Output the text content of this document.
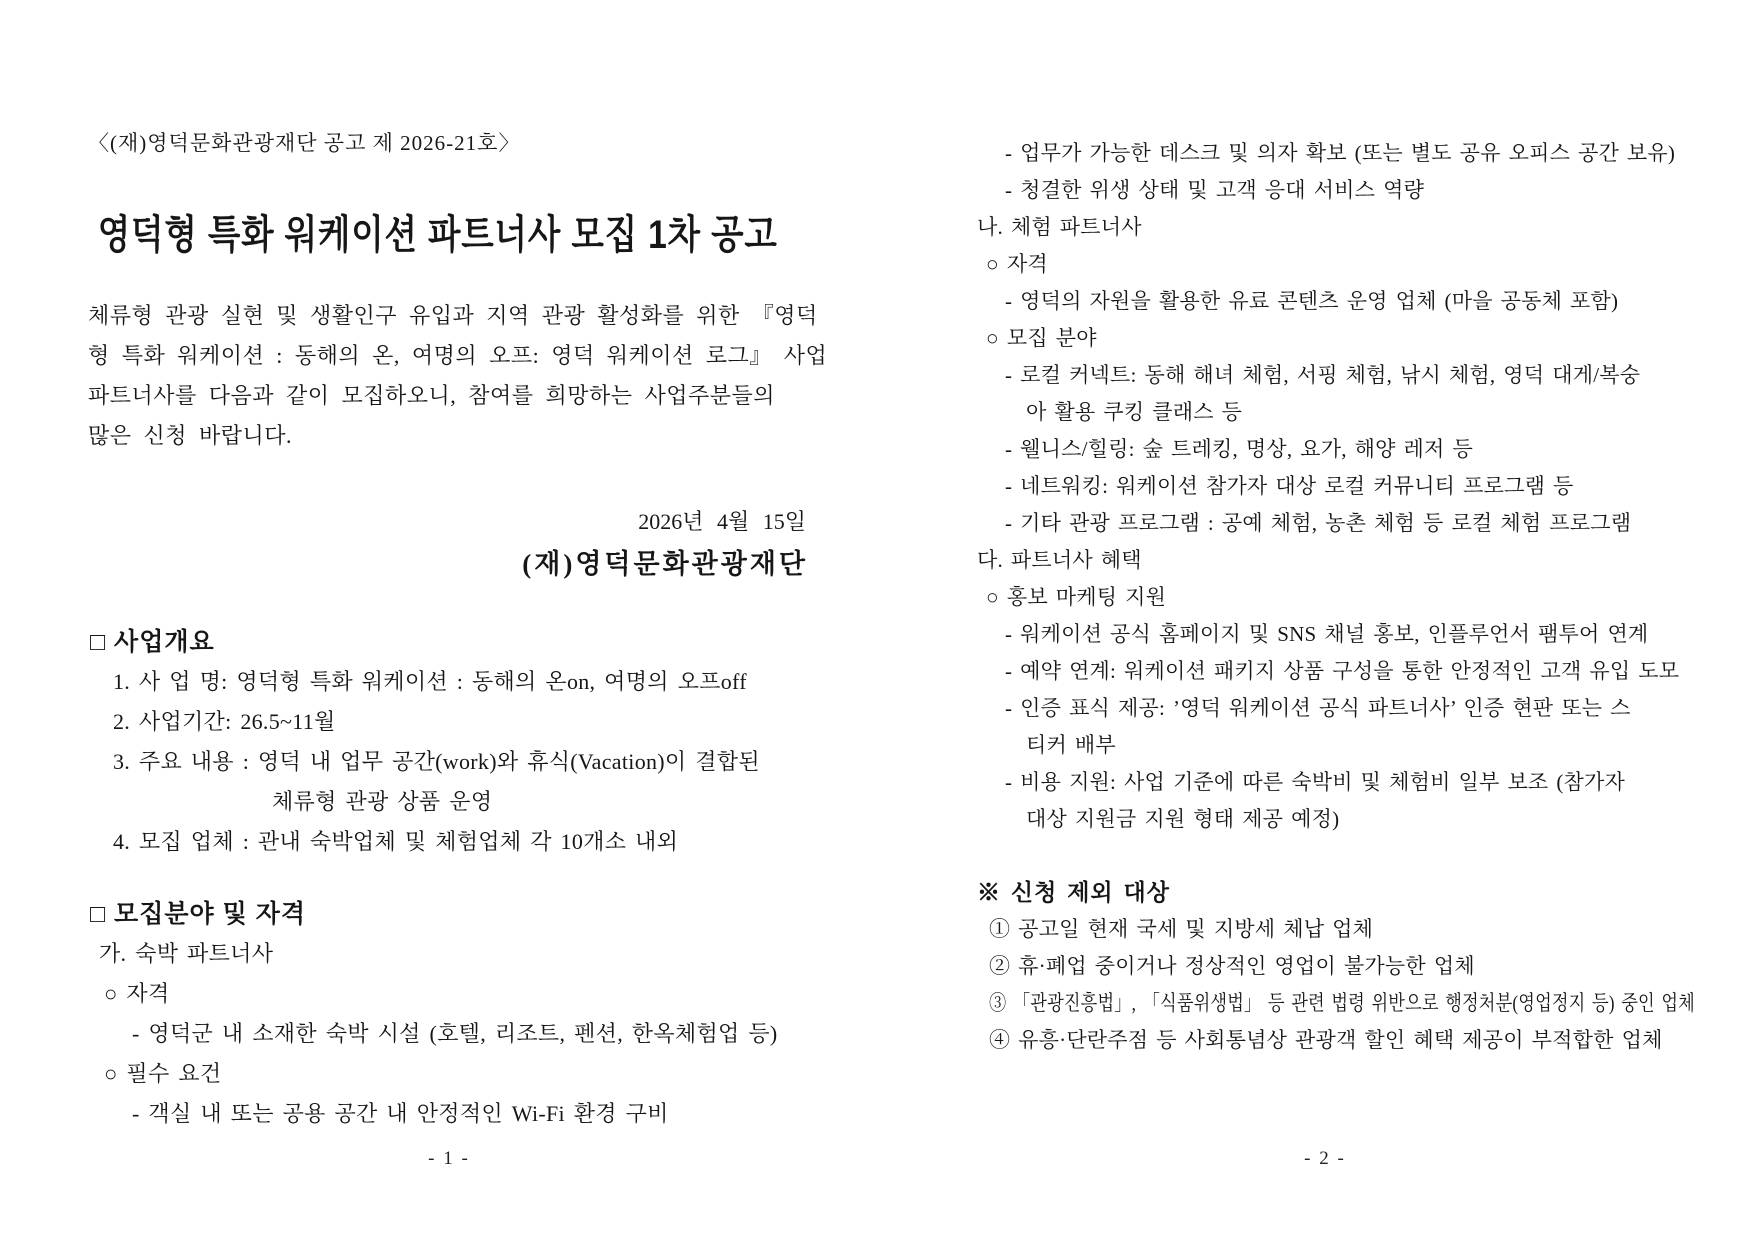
〈(재)영덕문화관광재단 공고 제 2026-21호〉
영덕형 특화 워케이션 파트너사 모집 1차 공고
체류형 관광 실현 및 생활인구 유입과 지역 관광 활성화를 위한 『영덕
형 특화 워케이션 : 동해의 온, 여명의 오프: 영덕 워케이션 로그』 사업
파트너사를 다음과 같이 모집하오니, 참여를 희망하는 사업주분들의
많은 신청 바랍니다.
2026년 4월 15일
(재)영덕문화관광재단
□ 사업개요
1. 사 업 명: 영덕형 특화 워케이션 : 동해의 온on, 여명의 오프off
2. 사업기간: 26.5~11월
3. 주요 내용 : 영덕 내 업무 공간(work)와 휴식(Vacation)이 결합된
체류형 관광 상품 운영
4. 모집 업체 : 관내 숙박업체 및 체험업체 각 10개소 내외
□ 모집분야 및 자격
가. 숙박 파트너사
○ 자격
- 영덕군 내 소재한 숙박 시설 (호텔, 리조트, 펜션, 한옥체험업 등)
○ 필수 요건
- 객실 내 또는 공용 공간 내 안정적인 Wi-Fi 환경 구비
- 1 -
- 업무가 가능한 데스크 및 의자 확보 (또는 별도 공유 오피스 공간 보유)
- 청결한 위생 상태 및 고객 응대 서비스 역량
나. 체험 파트너사
○ 자격
- 영덕의 자원을 활용한 유료 콘텐츠 운영 업체 (마을 공동체 포함)
○ 모집 분야
- 로컬 커넥트: 동해 해녀 체험, 서핑 체험, 낚시 체험, 영덕 대게/복숭
아 활용 쿠킹 클래스 등
- 웰니스/힐링: 숲 트레킹, 명상, 요가, 해양 레저 등
- 네트워킹: 워케이션 참가자 대상 로컬 커뮤니티 프로그램 등
- 기타 관광 프로그램 : 공예 체험, 농촌 체험 등 로컬 체험 프로그램
다. 파트너사 혜택
○ 홍보 마케팅 지원
- 워케이션 공식 홈페이지 및 SNS 채널 홍보, 인플루언서 팸투어 연계
- 예약 연계: 워케이션 패키지 상품 구성을 통한 안정적인 고객 유입 도모
- 인증 표식 제공: ’영덕 워케이션 공식 파트너사’ 인증 현판 또는 스
티커 배부
- 비용 지원: 사업 기준에 따른 숙박비 및 체험비 일부 보조 (참가자
대상 지원금 지원 형태 제공 예정)
※ 신청 제외 대상
① 공고일 현재 국세 및 지방세 체납 업체
② 휴·폐업 중이거나 정상적인 영업이 불가능한 업체
③ 「관광진흥법」, 「식품위생법」 등 관련 법령 위반으로 행정처분(영업정지 등) 중인 업체
④ 유흥·단란주점 등 사회통념상 관광객 할인 혜택 제공이 부적합한 업체
- 2 -
